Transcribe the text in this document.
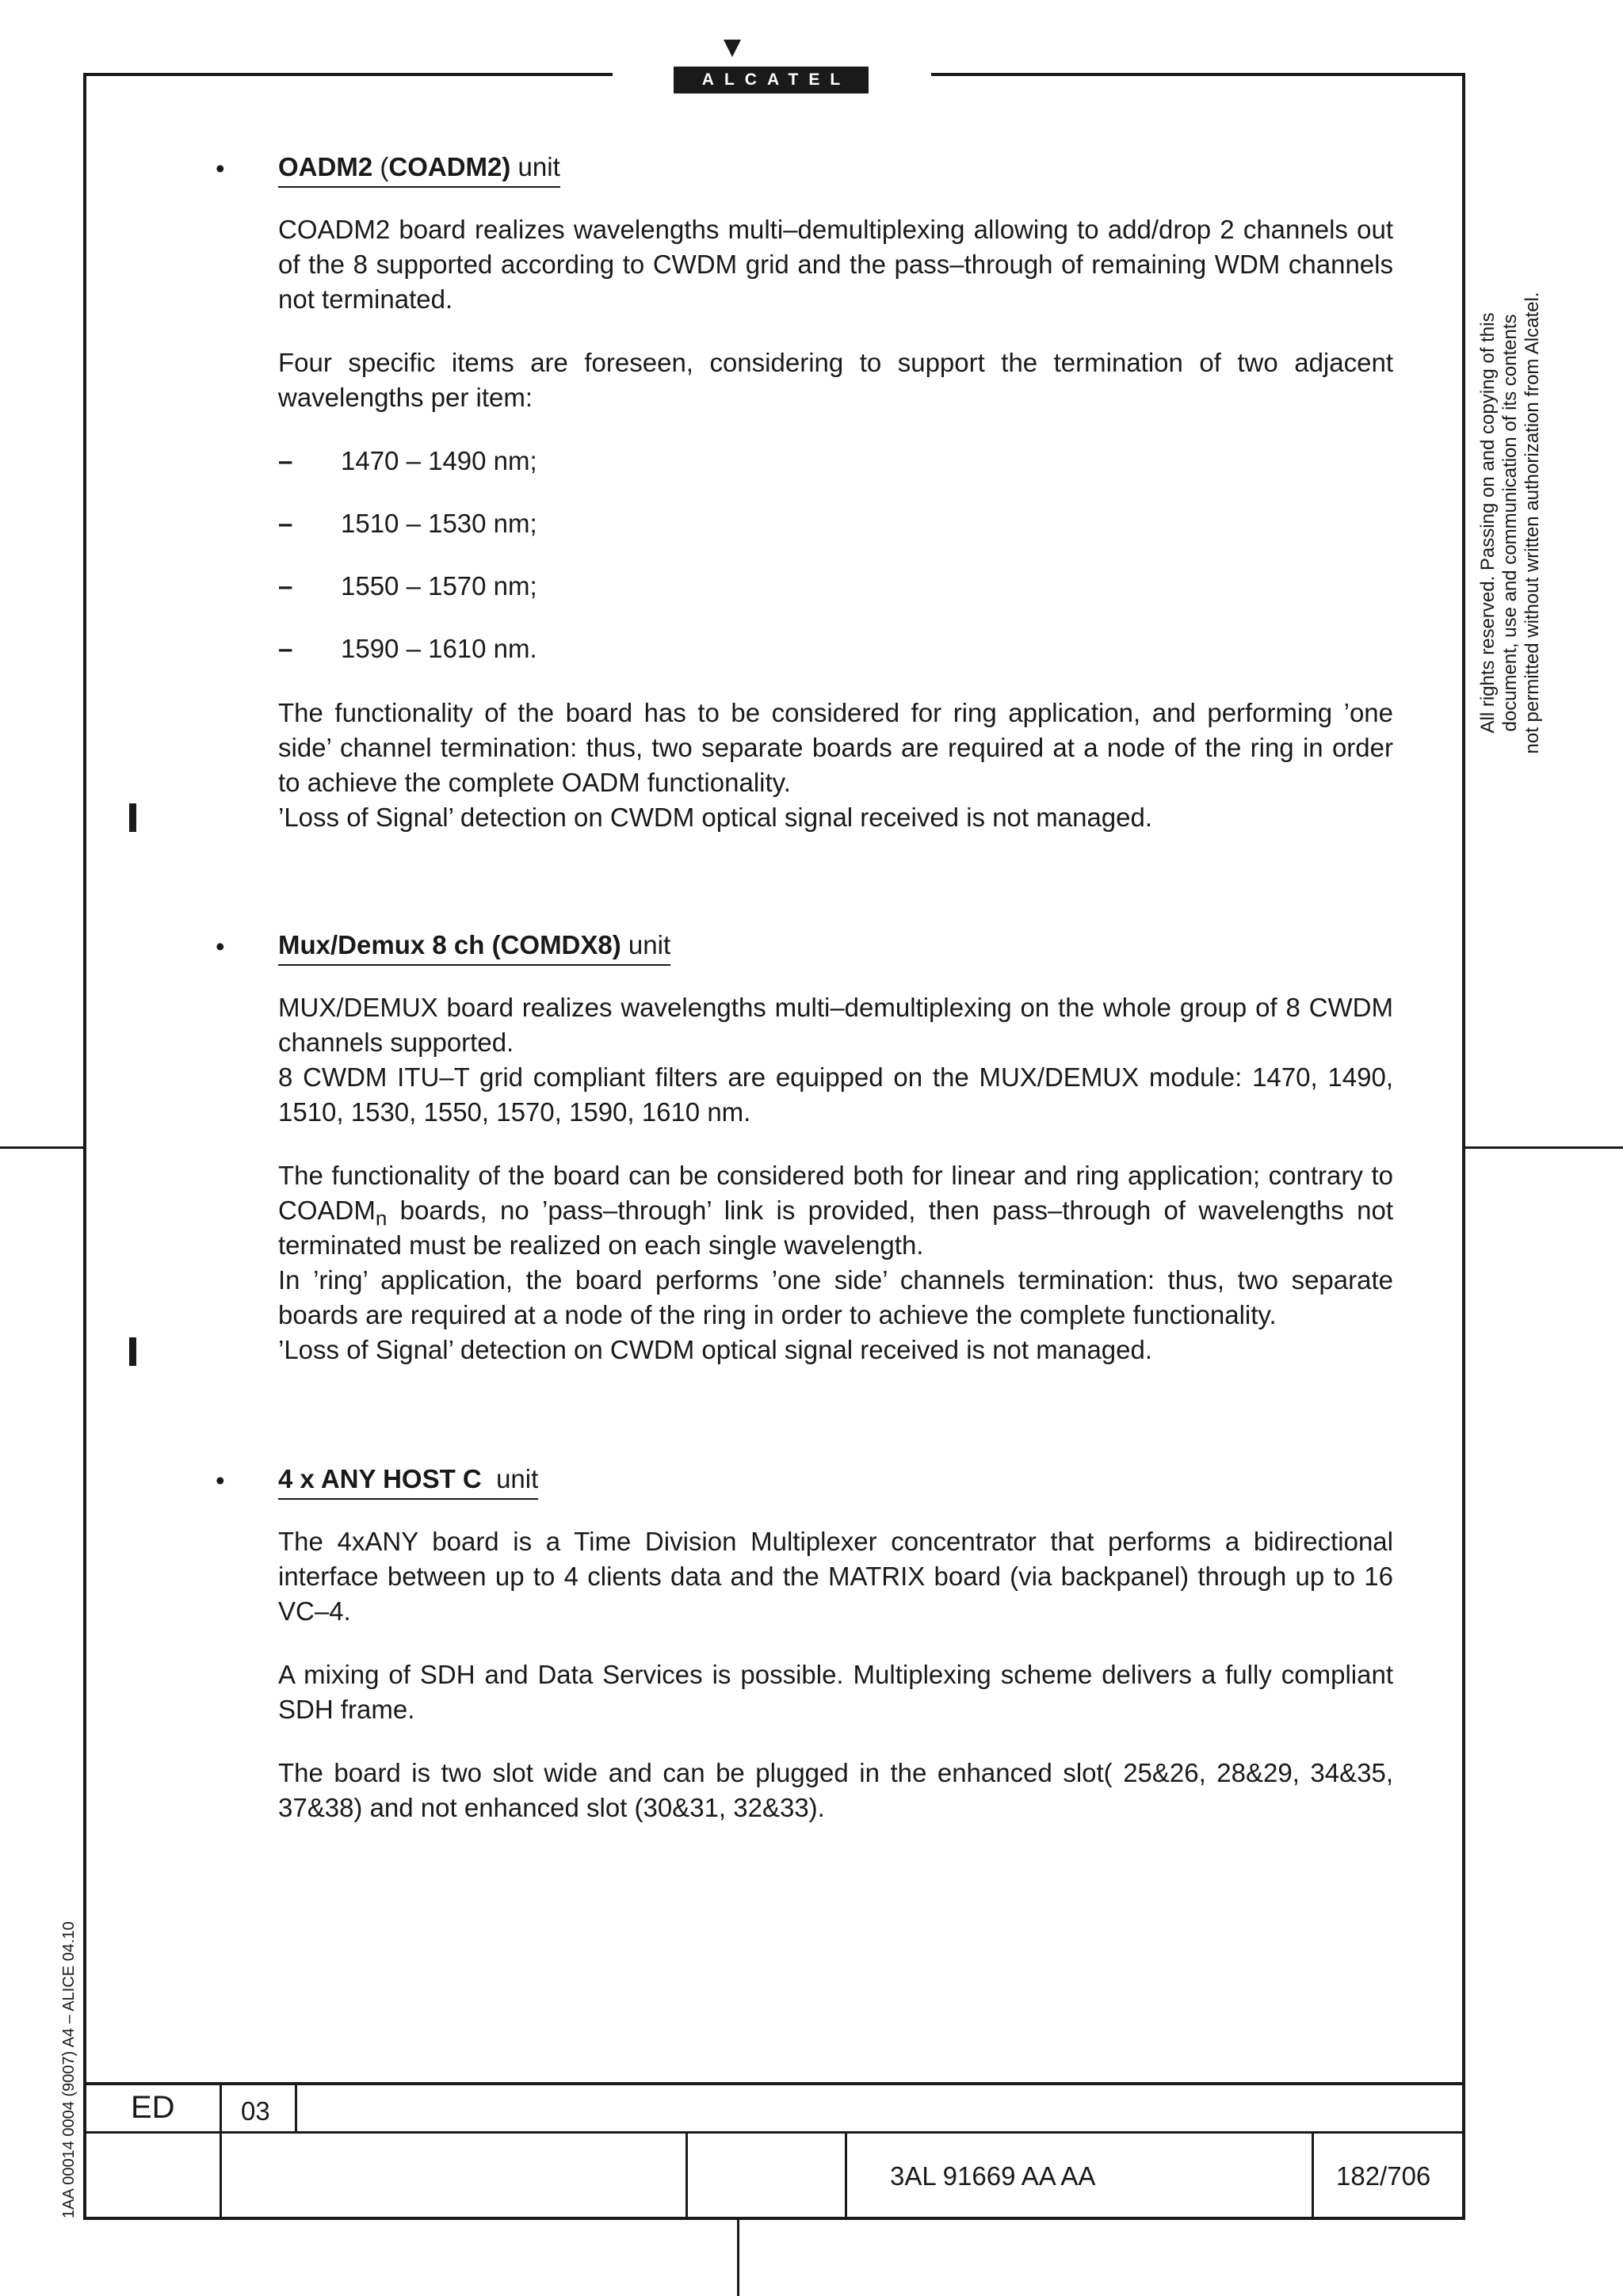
ALCATEL
All rights reserved. Passing on and copying of this document, use and communication of its contents not permitted without written authorization from Alcatel.
1AA 00014 0004 (9007) A4 – ALICE 04.10
• OADM2 (COADM2) unit

COADM2 board realizes wavelengths multi–demultiplexing allowing to add/drop 2 channels out of the 8 supported according to CWDM grid and the pass–through of remaining WDM channels not terminated.

Four specific items are foreseen, considering to support the termination of two adjacent wavelengths per item:

– 1470 – 1490 nm;
– 1510 – 1530 nm;
– 1550 – 1570 nm;
– 1590 – 1610 nm.

The functionality of the board has to be considered for ring application, and performing ’one side’ channel termination: thus, two separate boards are required at a node of the ring in order to achieve the complete OADM functionality.

’Loss of Signal’ detection on CWDM optical signal received is not managed.

• Mux/Demux 8 ch (COMDX8) unit

MUX/DEMUX board realizes wavelengths multi–demultiplexing on the whole group of 8 CWDM channels supported.

8 CWDM ITU–T grid compliant filters are equipped on the MUX/DEMUX module: 1470, 1490, 1510, 1530, 1550, 1570, 1590, 1610 nm.

The functionality of the board can be considered both for linear and ring application; contrary to $COADM_n$ boards, no ’pass–through’ link is provided, then pass–through of wavelengths not terminated must be realized on each single wavelength.

In ’ring’ application, the board performs ’one side’ channels termination: thus, two separate boards are required at a node of the ring in order to achieve the complete functionality.

’Loss of Signal’ detection on CWDM optical signal received is not managed.

• 4 x ANY HOST C  unit

The 4xANY board is a Time Division Multiplexer concentrator that performs a bidirectional interface between up to 4 clients data and the MATRIX board (via backpanel) through up to 16 VC–4.

A mixing of SDH and Data Services is possible. Multiplexing scheme delivers a fully compliant SDH frame.

The board is two slot wide and can be plugged in the enhanced slot( 25&26, 28&29, 34&35, 37&38) and not enhanced slot (30&31, 32&33).

ED	03
3AL 91669 AA AA	182/706
